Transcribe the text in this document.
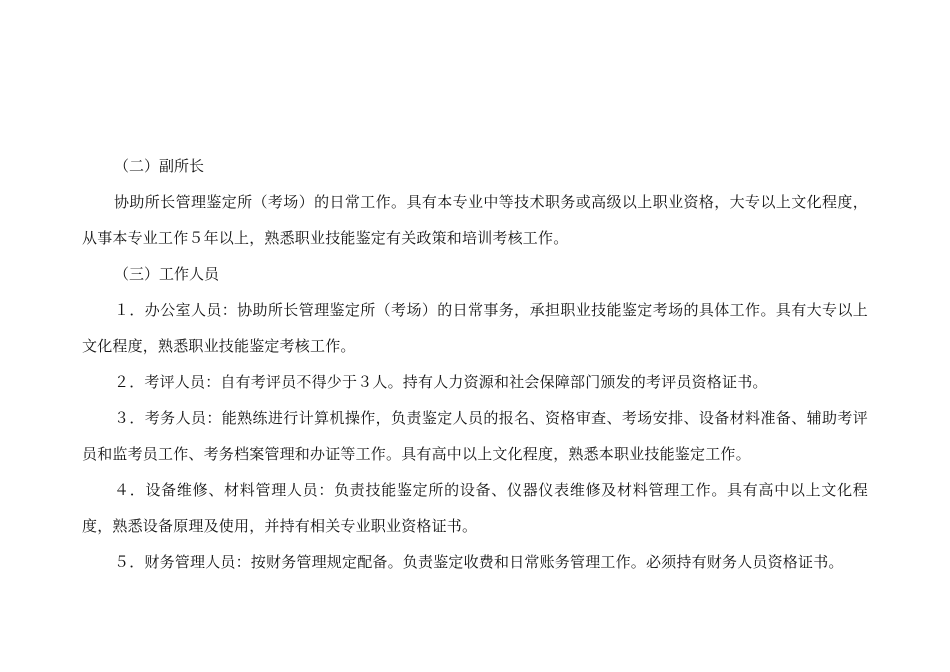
（二）副所长

协助所长管理鉴定所（考场）的日常工作。具有本专业中等技术职务或高级以上职业资格，大专以上文化程度，从事本专业工作５年以上，熟悉职业技能鉴定有关政策和培训考核工作。

（三）工作人员

１．办公室人员：协助所长管理鉴定所（考场）的日常事务，承担职业技能鉴定考场的具体工作。具有大专以上文化程度，熟悉职业技能鉴定考核工作。

２．考评人员：自有考评员不得少于３人。持有人力资源和社会保障部门颁发的考评员资格证书。

３．考务人员：能熟练进行计算机操作，负责鉴定人员的报名、资格审查、考场安排、设备材料准备、辅助考评员和监考员工作、考务档案管理和办证等工作。具有高中以上文化程度，熟悉本职业技能鉴定工作。

４．设备维修、材料管理人员：负责技能鉴定所的设备、仪器仪表维修及材料管理工作。具有高中以上文化程度，熟悉设备原理及使用，并持有相关专业职业资格证书。

５．财务管理人员：按财务管理规定配备。负责鉴定收费和日常账务管理工作。必须持有财务人员资格证书。
